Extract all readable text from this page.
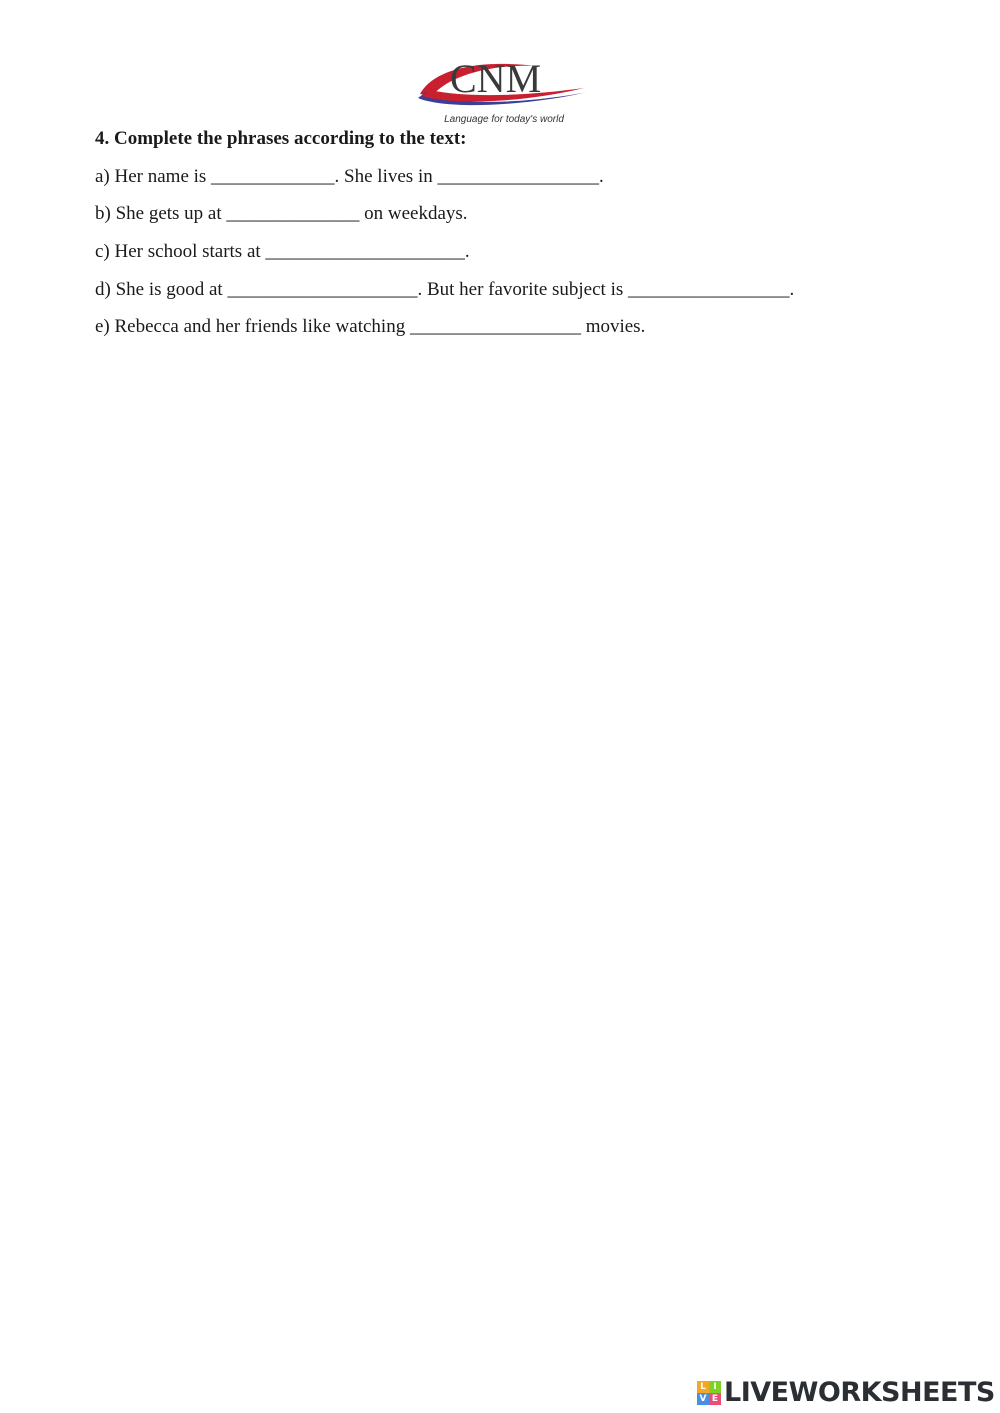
CNM
Language for today's world
4. Complete the phrases according to the text:
a) Her name is _____________. She lives in _________________.
b) She gets up at ______________ on weekdays.
c) Her school starts at _____________________.
d) She is good at ____________________. But her favorite subject is _________________.
e) Rebecca and her friends like watching __________________ movies.
L I
V E LIVEWORKSHEETS
